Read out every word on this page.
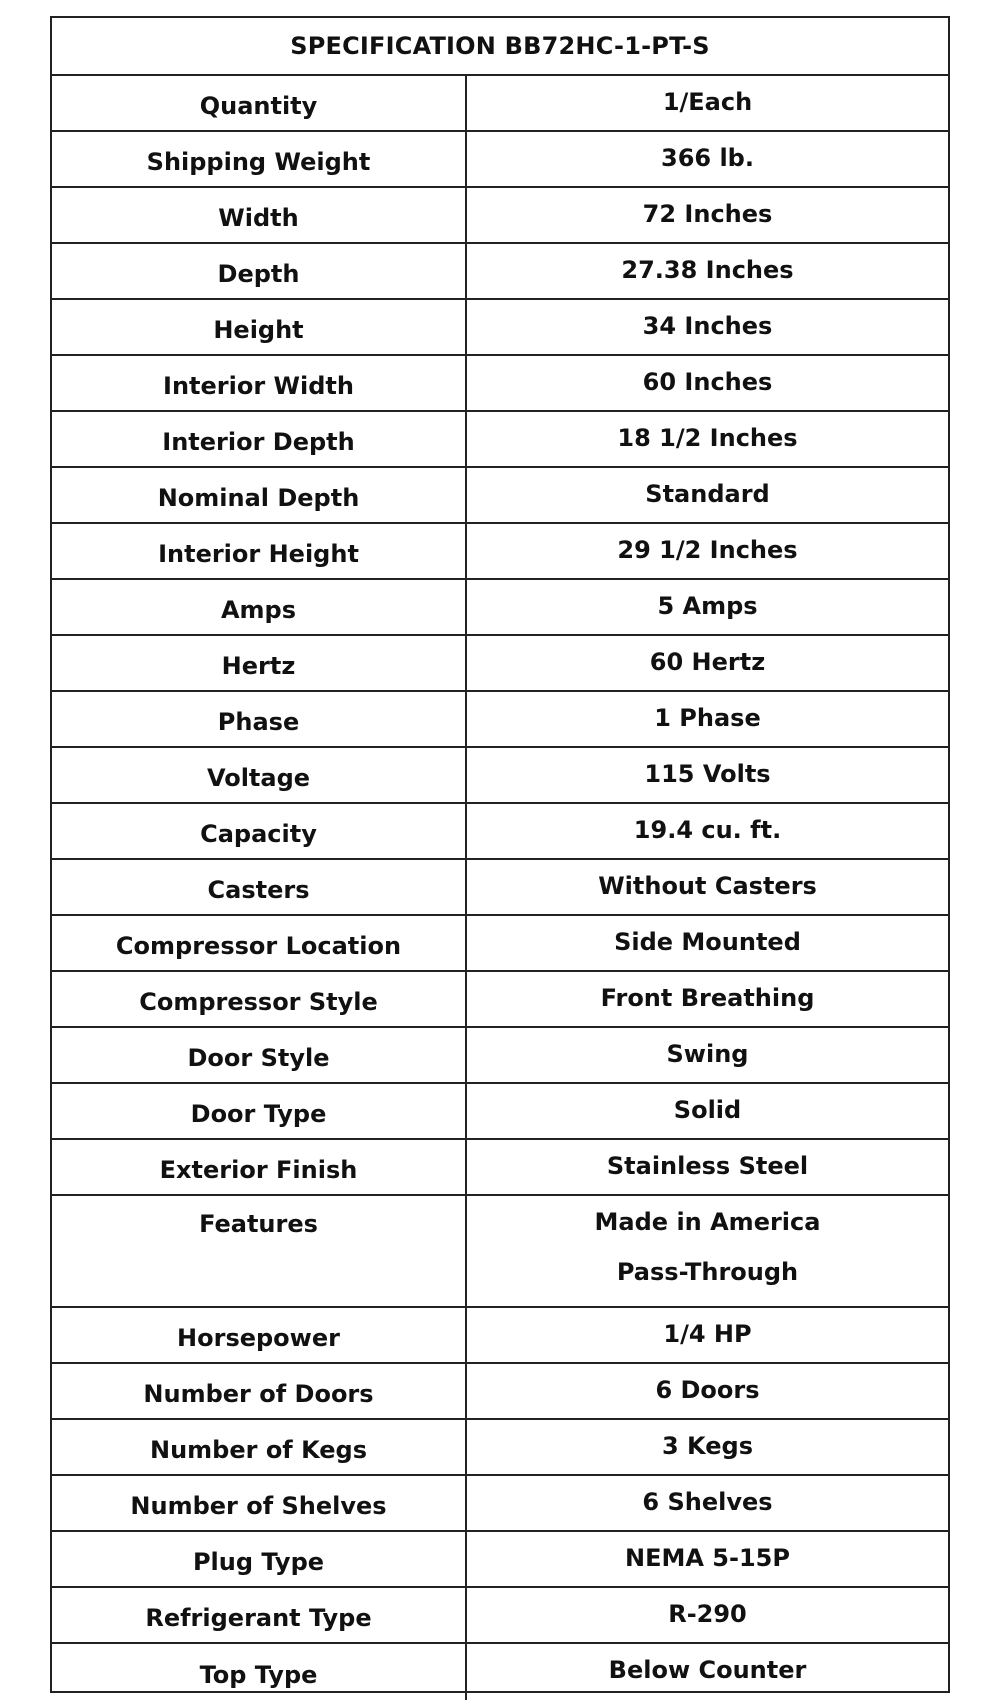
SPECIFICATION BB72HC-1-PT-S
Quantity	1/Each
Shipping Weight	366 lb.
Width	72 Inches
Depth	27.38 Inches
Height	34 Inches
Interior Width	60 Inches
Interior Depth	18 1/2 Inches
Nominal Depth	Standard
Interior Height	29 1/2 Inches
Amps	5 Amps
Hertz	60 Hertz
Phase	1 Phase
Voltage	115 Volts
Capacity	19.4 cu. ft.
Casters	Without Casters
Compressor Location	Side Mounted
Compressor Style	Front Breathing
Door Style	Swing
Door Type	Solid
Exterior Finish	Stainless Steel
Features	Made in America
Pass-Through
Horsepower	1/4 HP
Number of Doors	6 Doors
Number of Kegs	3 Kegs
Number of Shelves	6 Shelves
Plug Type	NEMA 5-15P
Refrigerant Type	R-290
Top Type	Below Counter
